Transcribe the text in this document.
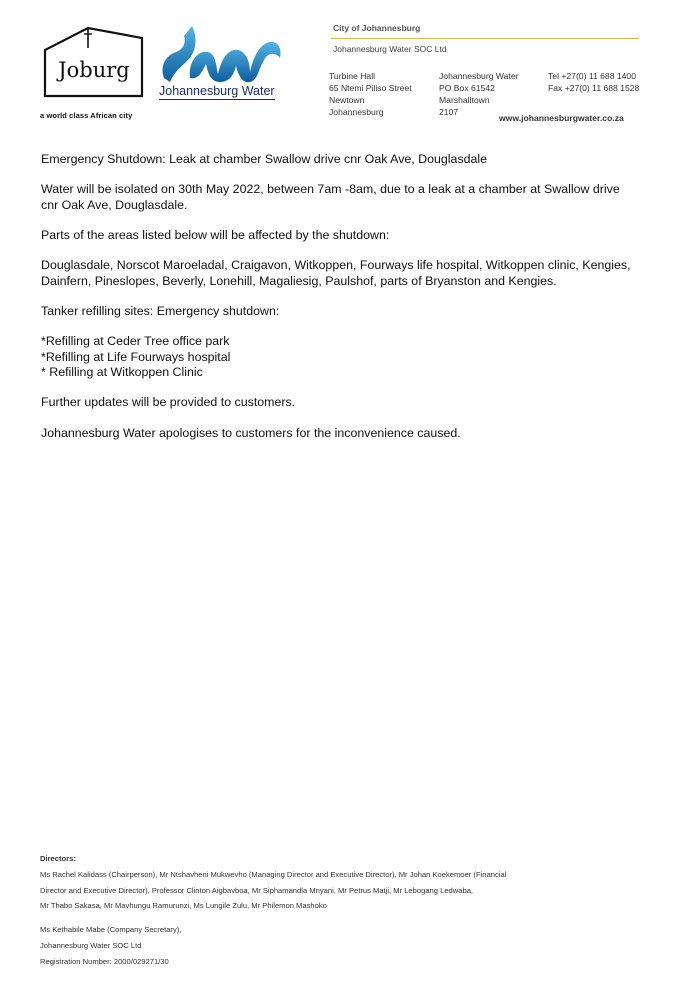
Joburg
a world class African city
Johannesburg Water
City of Johannesburg
Johannesburg Water SOC Ltd
Turbine Hall
65 Ntemi Piliso Street
Newtown
Johannesburg
Johannesburg Water
PO Box 61542
Marshalltown
2107
Tel +27(0) 11 688 1400
Fax +27(0) 11 688 1528
www.johannesburgwater.co.za

Emergency Shutdown: Leak at chamber Swallow drive cnr Oak Ave, Douglasdale

Water will be isolated on 30th May 2022, between 7am -8am, due to a leak at a chamber at Swallow drive cnr Oak Ave, Douglasdale.

Parts of the areas listed below will be affected by the shutdown:

Douglasdale, Norscot Maroeladal, Craigavon, Witkoppen, Fourways life hospital, Witkoppen clinic, Kengies, Dainfern, Pineslopes, Beverly, Lonehill, Magaliesig, Paulshof, parts of Bryanston and Kengies.

Tanker refilling sites: Emergency shutdown:

*Refilling at Ceder Tree office park
*Refilling at Life Fourways hospital
* Refilling at Witkoppen Clinic

Further updates will be provided to customers.

Johannesburg Water apologises to customers for the inconvenience caused.

Directors:
Ms Rachel Kalidass (Chairperson), Mr Ntshavheni Mukwevho (Managing Director and Executive Director), Mr Johan Koekemoer (Financial
Director and Executive Director), Professor Clinton Aigbavboa, Mr Siphamandla Mnyani, Mr Petrus Matji, Mr Lebogang Ledwaba,
Mr Thabo Sakasa, Mr Mavhungu Ramurunzi, Ms Lungile Zulu, Mr Philemon Mashoko
Ms Kethabile Mabe (Company Secretary),
Johannesburg Water SOC Ltd
Registration Number: 2000/029271/30
